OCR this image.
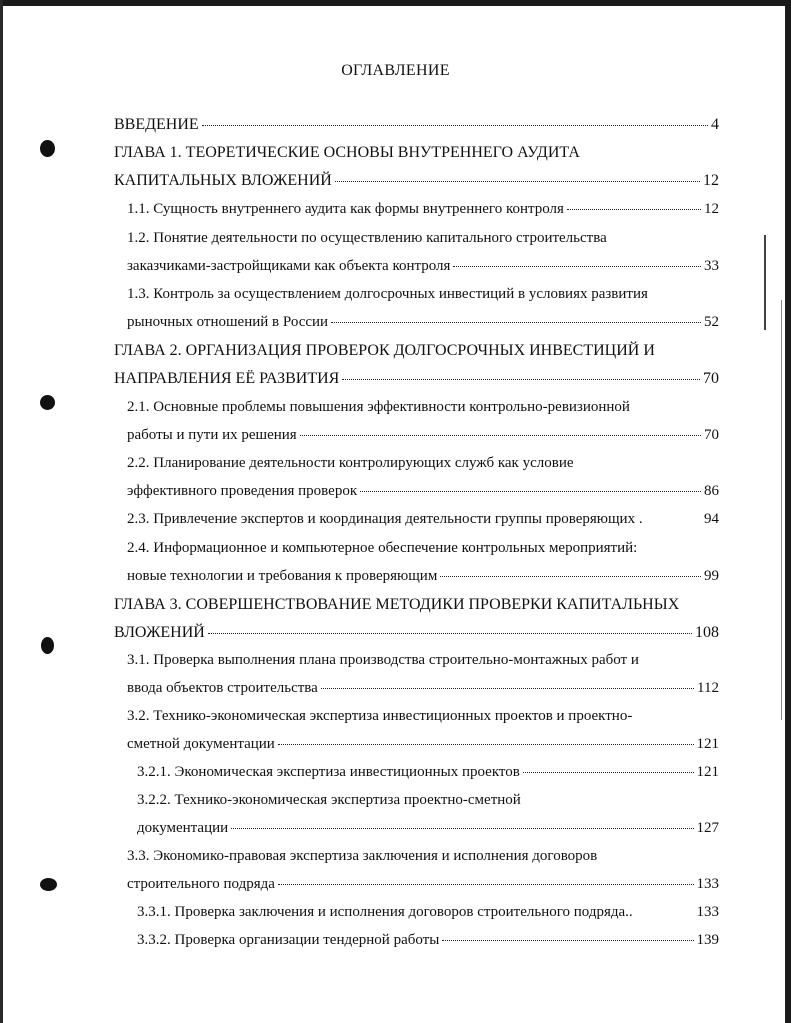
ОГЛАВЛЕНИЕ
ВВЕДЕНИЕ	4
ГЛАВА 1. ТЕОРЕТИЧЕСКИЕ ОСНОВЫ ВНУТРЕННЕГО АУДИТА
КАПИТАЛЬНЫХ ВЛОЖЕНИЙ	12
1.1. Сущность внутреннего аудита как формы внутреннего контроля	12
1.2. Понятие деятельности по осуществлению капитального строительства
заказчиками-застройщиками как объекта контроля	33
1.3. Контроль за осуществлением долгосрочных инвестиций в условиях развития
рыночных отношений в России	52
ГЛАВА 2. ОРГАНИЗАЦИЯ ПРОВЕРОК ДОЛГОСРОЧНЫХ ИНВЕСТИЦИЙ И
НАПРАВЛЕНИЯ ЕЁ РАЗВИТИЯ	70
2.1. Основные проблемы повышения эффективности контрольно-ревизионной
работы и пути их решения	70
2.2. Планирование деятельности контролирующих служб как условие
эффективного проведения проверок	86
2.3. Привлечение экспертов и координация деятельности группы проверяющих .	94
2.4. Информационное и компьютерное обеспечение контрольных мероприятий:
новые технологии и требования к проверяющим	99
ГЛАВА 3. СОВЕРШЕНСТВОВАНИЕ МЕТОДИКИ ПРОВЕРКИ КАПИТАЛЬНЫХ
ВЛОЖЕНИЙ	108
3.1. Проверка выполнения плана производства строительно-монтажных работ и
ввода объектов строительства	112
3.2. Технико-экономическая экспертиза инвестиционных проектов и проектно-
сметной документации	121
3.2.1. Экономическая экспертиза инвестиционных проектов	121
3.2.2. Технико-экономическая экспертиза проектно-сметной
документации	127
3.3. Экономико-правовая экспертиза заключения и исполнения договоров
строительного подряда	133
3.3.1. Проверка заключения и исполнения договоров строительного подряда..	133
3.3.2. Проверка организации тендерной работы	139
